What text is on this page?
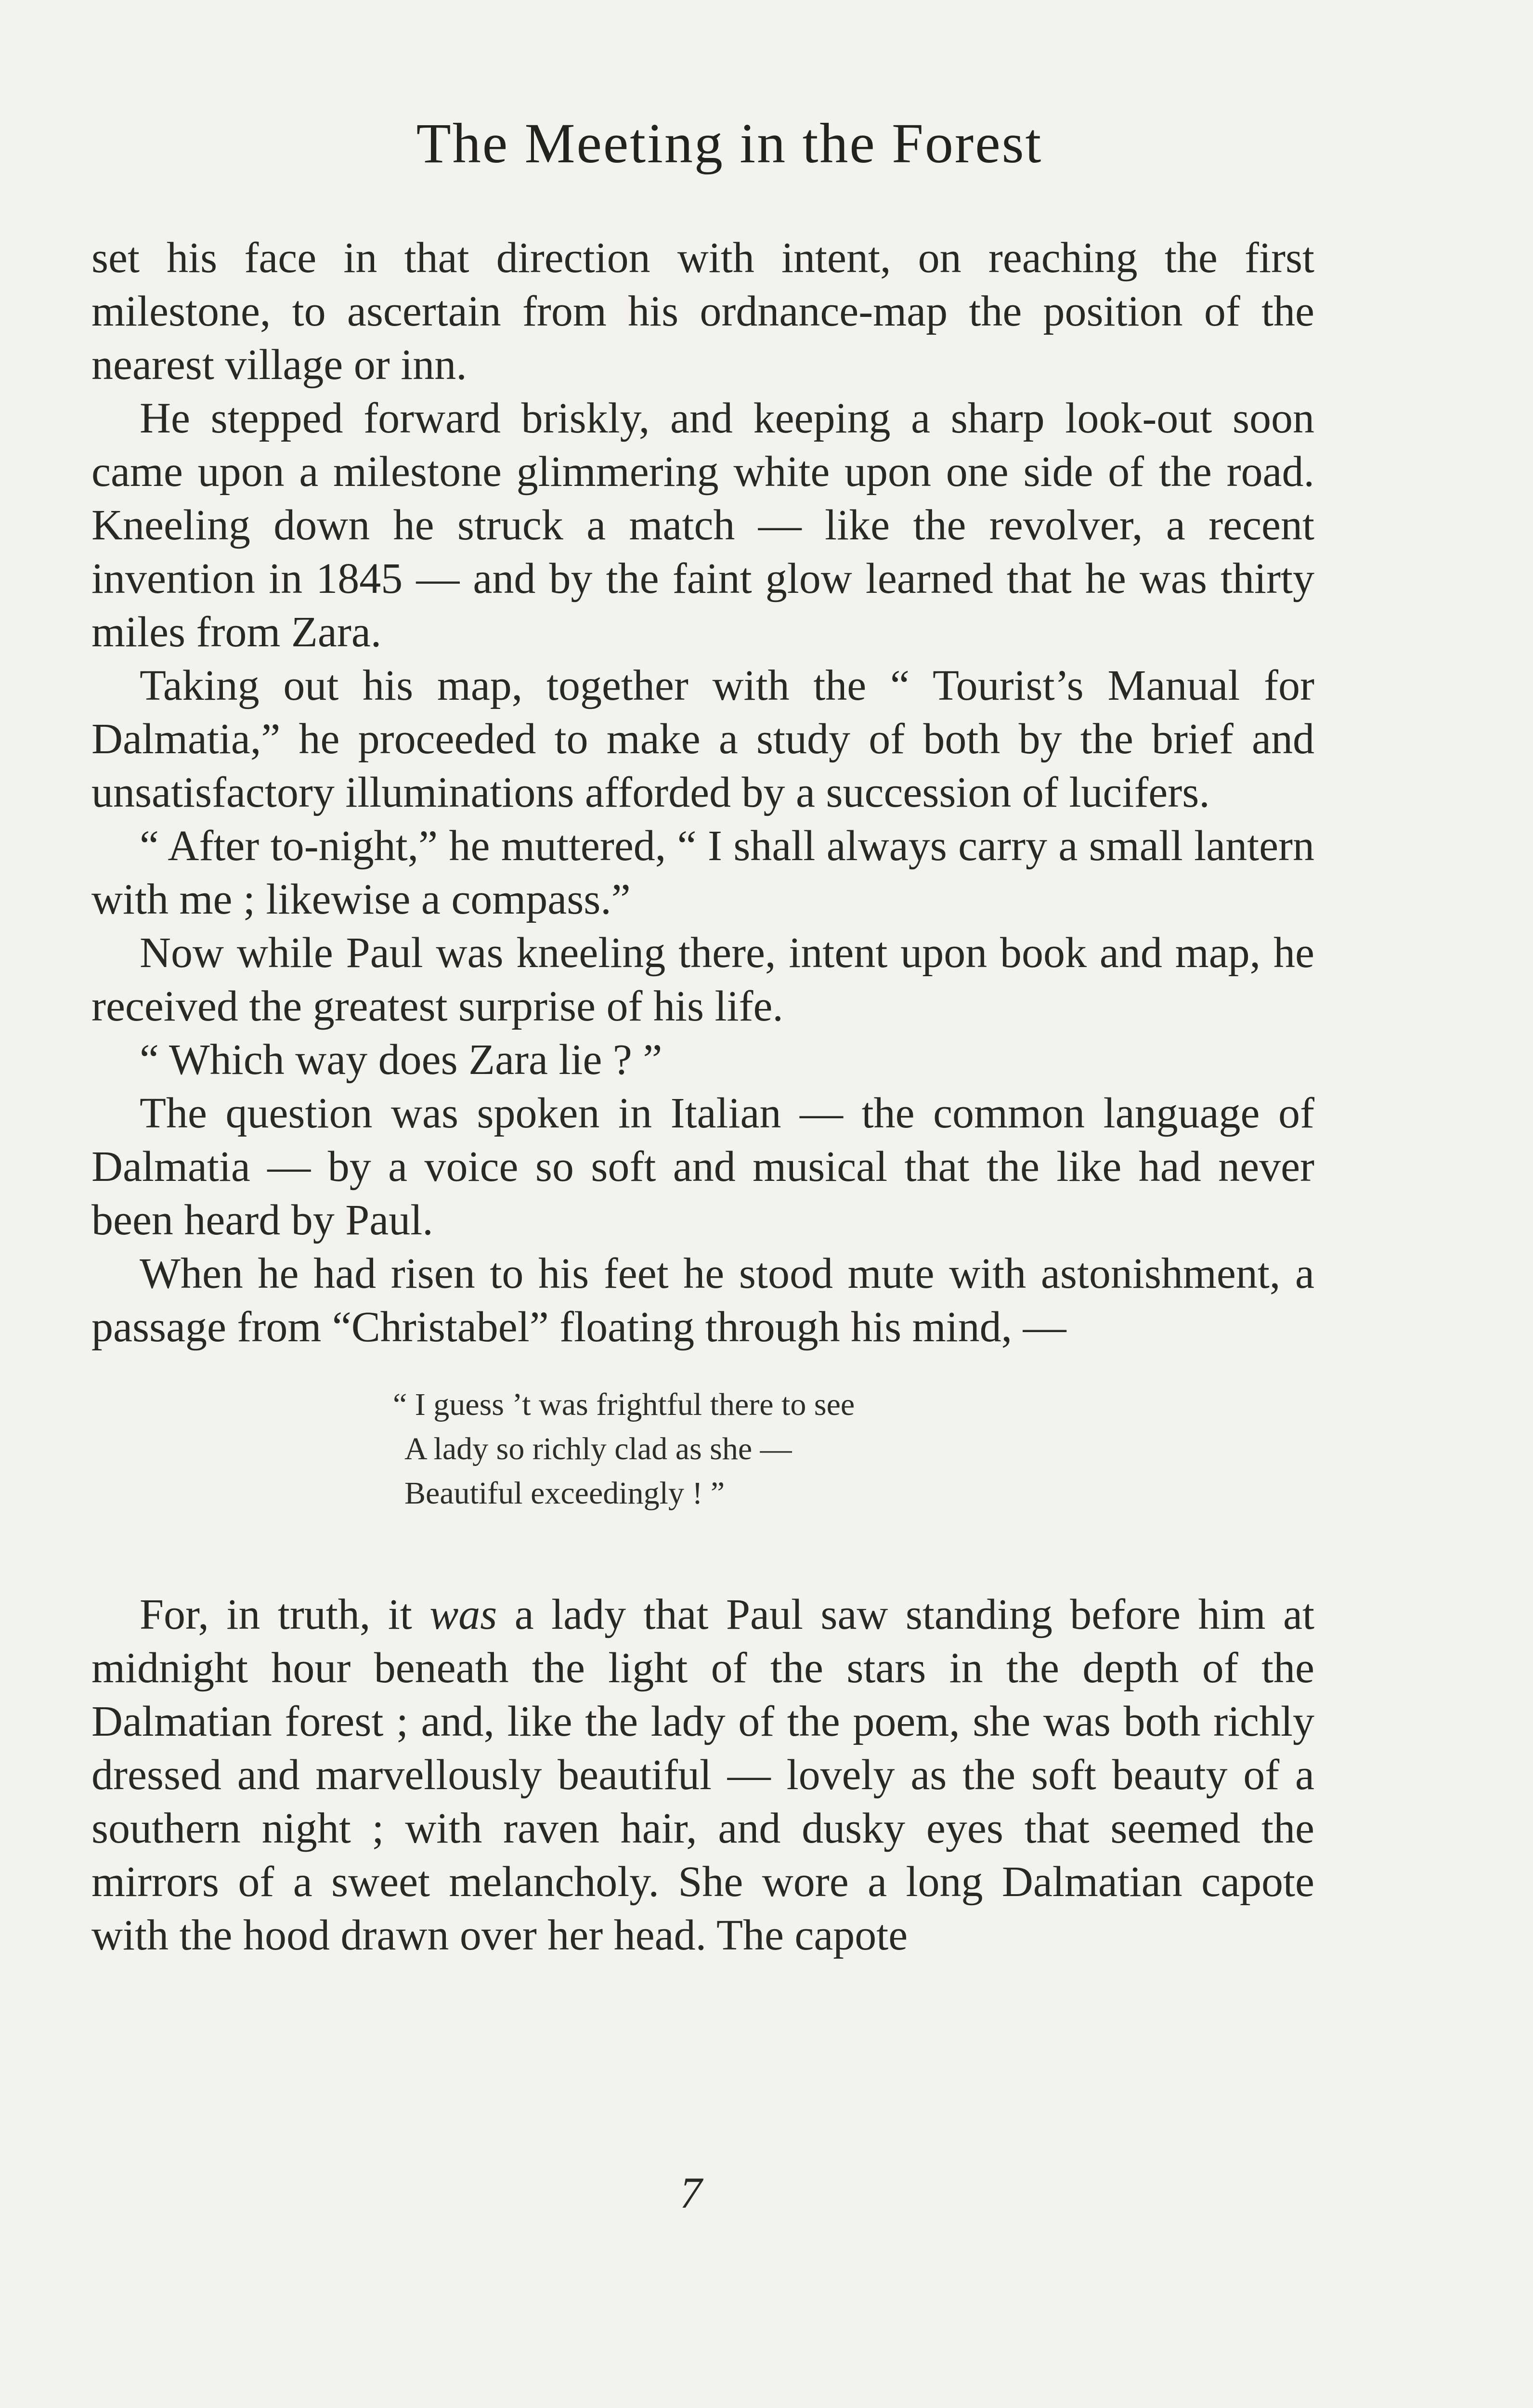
The Meeting in the Forest

set his face in that direction with intent, on reaching the first milestone, to ascertain from his ordnance-map the position of the nearest village or inn.

He stepped forward briskly, and keeping a sharp look-out soon came upon a milestone glimmering white upon one side of the road. Kneeling down he struck a match — like the revolver, a recent invention in 1845 — and by the faint glow learned that he was thirty miles from Zara.

Taking out his map, together with the “ Tourist’s Manual for Dalmatia,” he proceeded to make a study of both by the brief and unsatisfactory illuminations afforded by a succession of lucifers.

“ After to-night,” he muttered, “ I shall always carry a small lantern with me ; likewise a compass.”

Now while Paul was kneeling there, intent upon book and map, he received the greatest surprise of his life.

“ Which way does Zara lie ? ”

The question was spoken in Italian — the common language of Dalmatia — by a voice so soft and musical that the like had never been heard by Paul.

When he had risen to his feet he stood mute with astonishment, a passage from “Christabel” floating through his mind, —

“ I guess ’t was frightful there to see
A lady so richly clad as she —
Beautiful exceedingly ! ”

For, in truth, it was a lady that Paul saw standing before him at midnight hour beneath the light of the stars in the depth of the Dalmatian forest ; and, like the lady of the poem, she was both richly dressed and marvellously beautiful — lovely as the soft beauty of a southern night ; with raven hair, and dusky eyes that seemed the mirrors of a sweet melancholy. She wore a long Dalmatian capote with the hood drawn over her head. The capote

7
